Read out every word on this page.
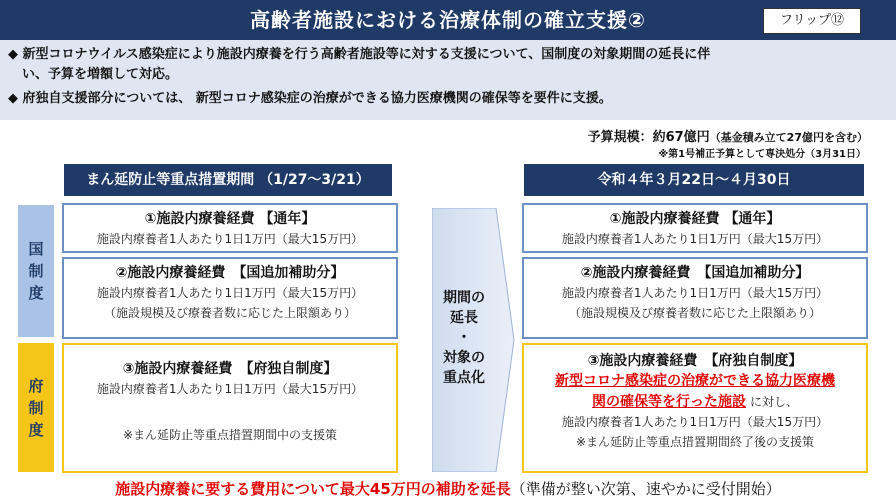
高齢者施設における治療体制の確立支援②	フリップ⑫
◆ 新型コロナウイルス感染症により施設内療養を行う高齢者施設等に対する支援について、国制度の対象期間の延長に伴
い、予算を増額して対応。
◆ 府独自支援部分については、 新型コロナ感染症の治療ができる協力医療機関の確保等を要件に支援。
予算規模：約67億円（基金積み立て27億円を含む）
※第1号補正予算として専決処分（3月31日）
まん延防止等重点措置期間 （1/27～3/21）	令和４年３月22日～４月30日
国
制
度
府
制
度
①施設内療養経費 【通年】
施設内療養者1人あたり1日1万円（最大15万円）
②施設内療養経費　【国追加補助分】
施設内療養者1人あたり1日1万円（最大15万円）
（施設規模及び療養者数に応じた上限額あり）
③施設内療養経費　【府独自制度】
施設内療養者1人あたり1日1万円（最大15万円）
※まん延防止等重点措置期間中の支援策
期間の
延長
・
対象の
重点化
①施設内療養経費 【通年】
施設内療養者1人あたり1日1万円（最大15万円）
②施設内療養経費　【国追加補助分】
施設内療養者1人あたり1日1万円（最大15万円）
（施設規模及び療養者数に応じた上限額あり）
③施設内療養経費　【府独自制度】
新型コロナ感染症の治療ができる協力医療機
関の確保等を行った施設 に対し、
施設内療養者1人あたり1日1万円（最大15万円）
※まん延防止等重点措置期間終了後の支援策
施設内療養に要する費用について最大45万円の補助を延長（準備が整い次第、速やかに受付開始）
